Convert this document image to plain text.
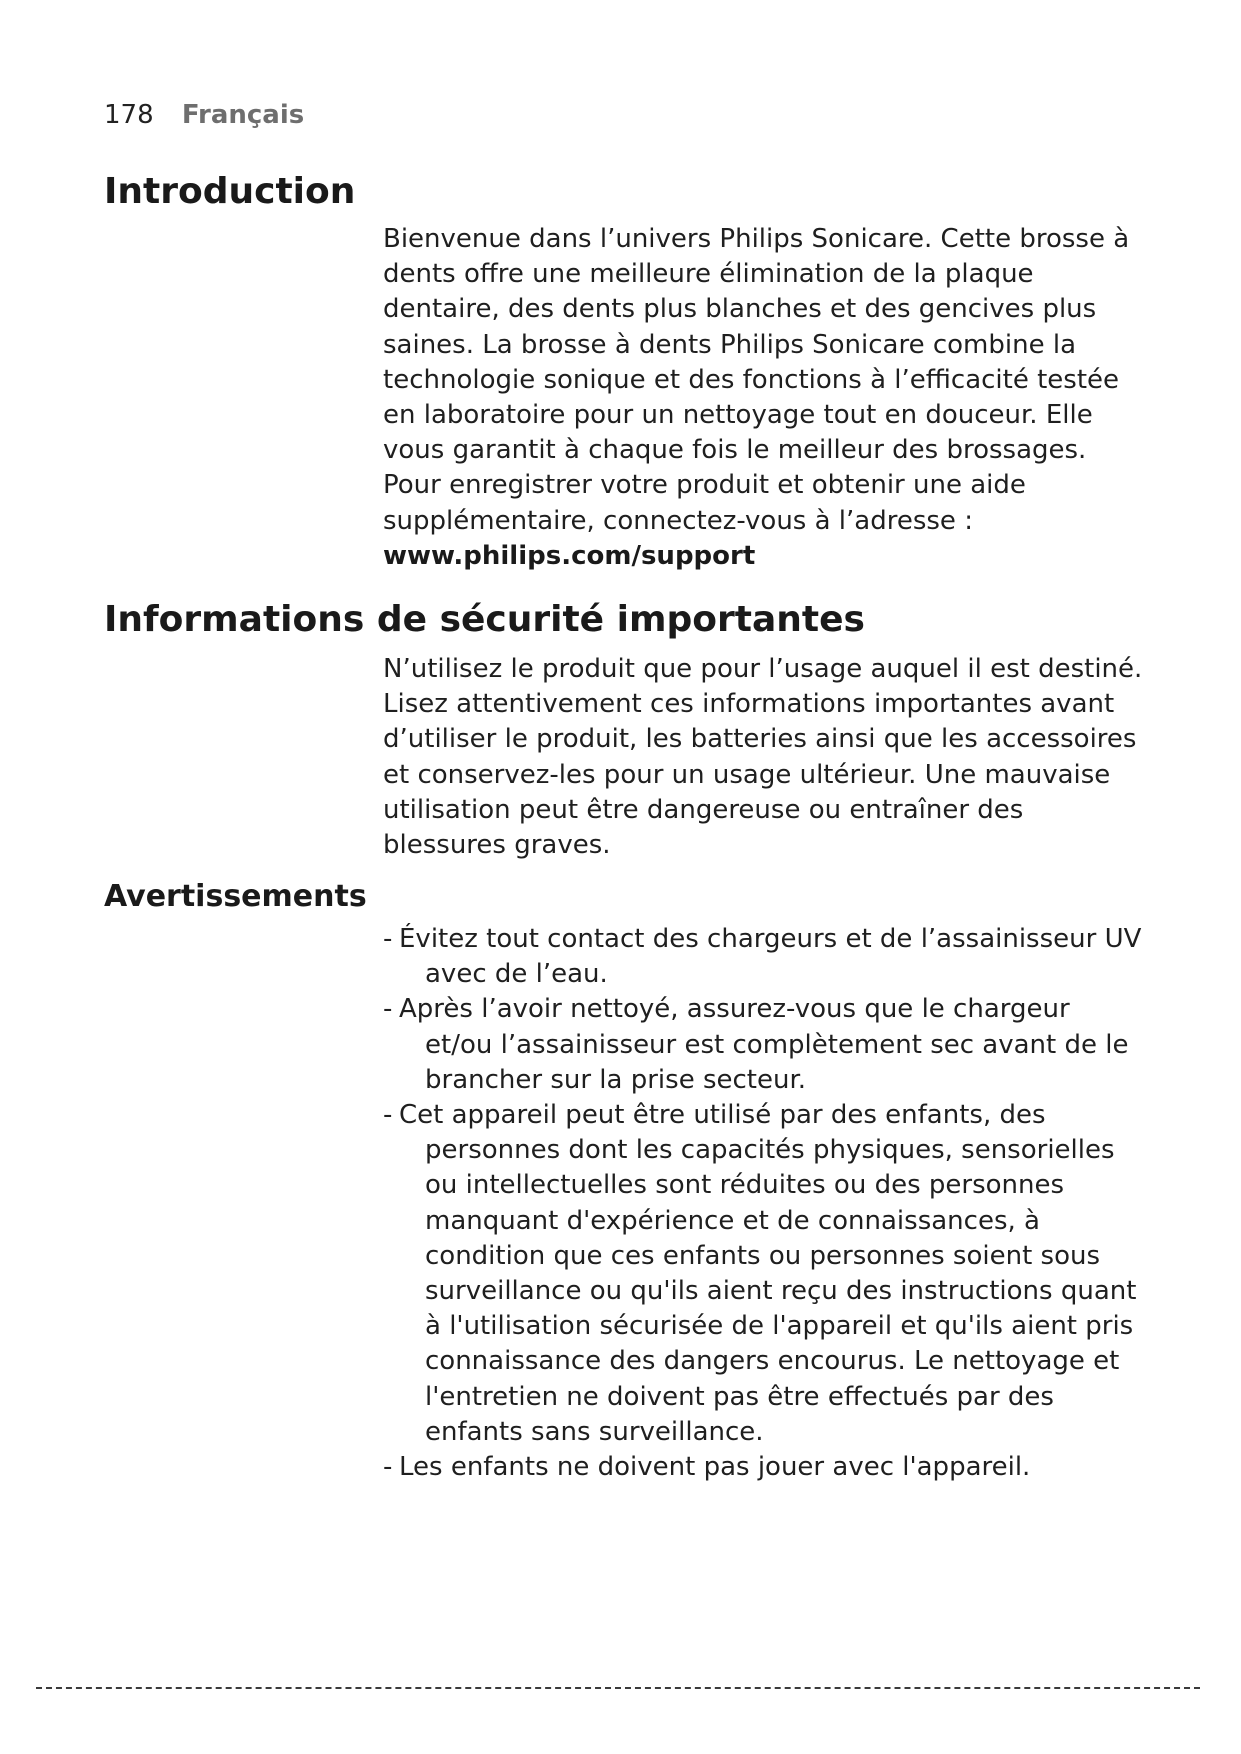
178 Français
Introduction

Bienvenue dans l’univers Philips Sonicare. Cette brosse à dents offre une meilleure élimination de la plaque dentaire, des dents plus blanches et des gencives plus saines. La brosse à dents Philips Sonicare combine la technologie sonique et des fonctions à l’efficacité testée en laboratoire pour un nettoyage tout en douceur. Elle vous garantit à chaque fois le meilleur des brossages. Pour enregistrer votre produit et obtenir une aide supplémentaire, connectez-vous à l’adresse :

www.philips.com/support

Informations de sécurité importantes

N’utilisez le produit que pour l’usage auquel il est destiné. Lisez attentivement ces informations importantes avant d’utiliser le produit, les batteries ainsi que les accessoires et conservez-les pour un usage ultérieur. Une mauvaise utilisation peut être dangereuse ou entraîner des blessures graves.

Avertissements
- Évitez tout contact des chargeurs et de l’assainisseur UV avec de l’eau.
- Après l’avoir nettoyé, assurez-vous que le chargeur et/ou l’assainisseur est complètement sec avant de le brancher sur la prise secteur.
- Cet appareil peut être utilisé par des enfants, des personnes dont les capacités physiques, sensorielles ou intellectuelles sont réduites ou des personnes manquant d'expérience et de connaissances, à condition que ces enfants ou personnes soient sous surveillance ou qu'ils aient reçu des instructions quant à l'utilisation sécurisée de l'appareil et qu'ils aient pris connaissance des dangers encourus. Le nettoyage et l'entretien ne doivent pas être effectués par des enfants sans surveillance.
- Les enfants ne doivent pas jouer avec l'appareil.
